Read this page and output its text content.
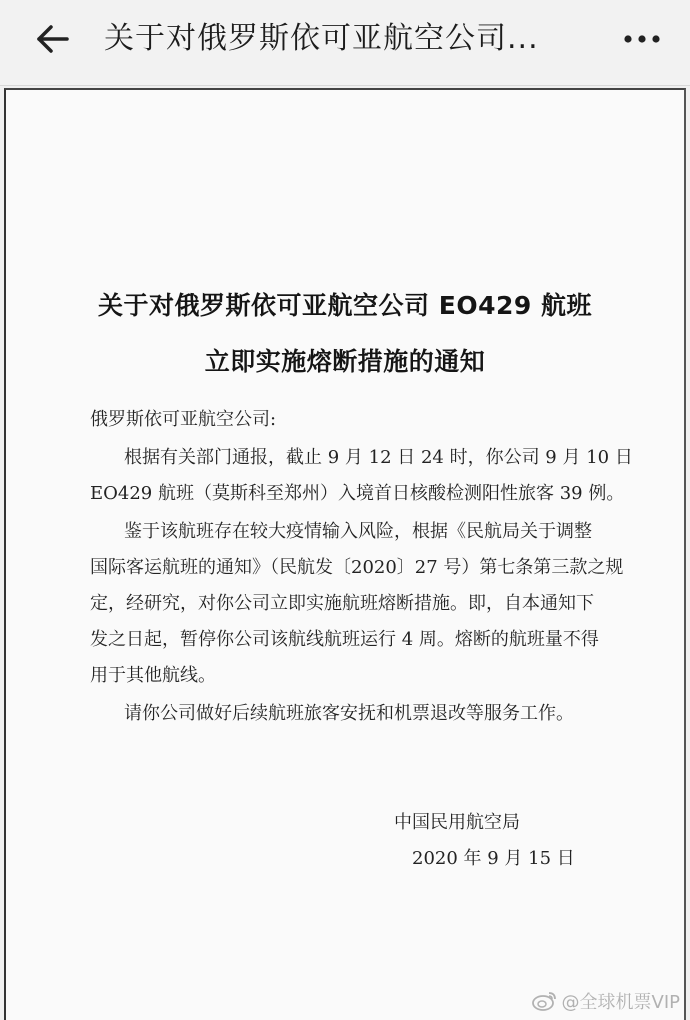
关于对俄罗斯依可亚航空公司...
关于对俄罗斯依可亚航空公司 EO429 航班
立即实施熔断措施的通知
俄罗斯依可亚航空公司:
根据有关部门通报，截止 9 月 12 日 24 时，你公司 9 月 10 日
EO429 航班（莫斯科至郑州）入境首日核酸检测阳性旅客 39 例。
鉴于该航班存在较大疫情输入风险，根据《民航局关于调整
国际客运航班的通知》（民航发〔2020〕27 号）第七条第三款之规
定，经研究，对你公司立即实施航班熔断措施。即，自本通知下
发之日起，暂停你公司该航线航班运行 4 周。熔断的航班量不得
用于其他航线。
请你公司做好后续航班旅客安抚和机票退改等服务工作。
中国民用航空局
2020 年 9 月 15 日
@全球机票VIP
